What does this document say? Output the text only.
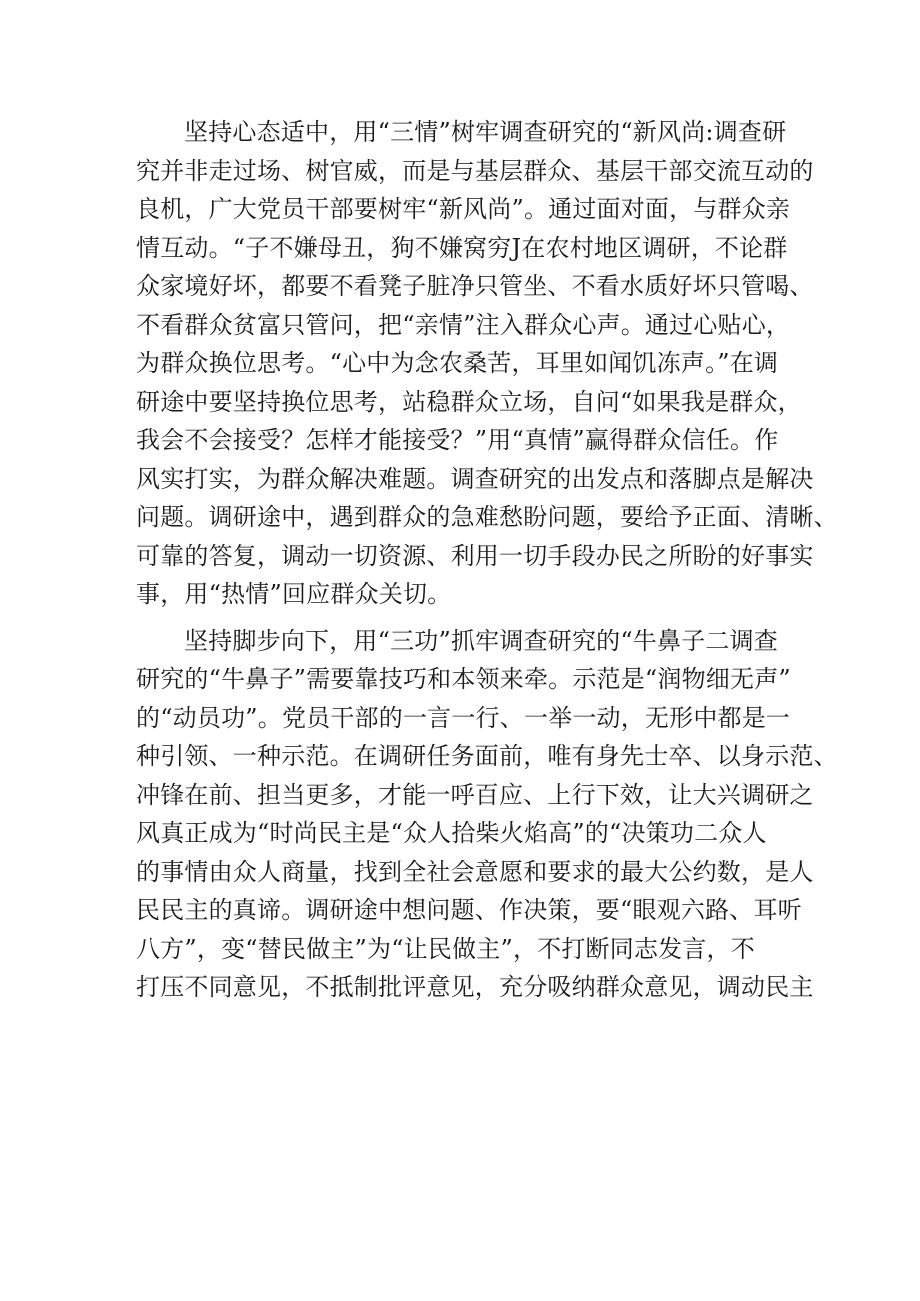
坚持心态适中，用“三情”树牢调查研究的“新风尚:调查研
究并非走过场、树官威，而是与基层群众、基层干部交流互动的
良机，广大党员干部要树牢“新风尚”。通过面对面，与群众亲
情互动。“子不嫌母丑，狗不嫌窝穷J在农村地区调研，不论群
众家境好坏，都要不看凳子脏净只管坐、不看水质好坏只管喝、
不看群众贫富只管问，把“亲情”注入群众心声。通过心贴心，
为群众换位思考。“心中为念农桑苦，耳里如闻饥冻声。”在调
研途中要坚持换位思考，站稳群众立场，自问“如果我是群众，
我会不会接受？怎样才能接受？”用“真情”赢得群众信任。作
风实打实，为群众解决难题。调查研究的出发点和落脚点是解决
问题。调研途中，遇到群众的急难愁盼问题，要给予正面、清晰、
可靠的答复，调动一切资源、利用一切手段办民之所盼的好事实
事，用“热情”回应群众关切。
坚持脚步向下，用“三功”抓牢调查研究的“牛鼻子二调查
研究的“牛鼻子”需要靠技巧和本领来牵。示范是“润物细无声”
的“动员功”。党员干部的一言一行、一举一动，无形中都是一
种引领、一种示范。在调研任务面前，唯有身先士卒、以身示范、
冲锋在前、担当更多，才能一呼百应、上行下效，让大兴调研之
风真正成为“时尚民主是“众人拾柴火焰高”的“决策功二众人
的事情由众人商量，找到全社会意愿和要求的最大公约数，是人
民民主的真谛。调研途中想问题、作决策，要“眼观六路、耳听
八方”，变“替民做主”为“让民做主”，不打断同志发言，不
打压不同意见，不抵制批评意见，充分吸纳群众意见，调动民主
